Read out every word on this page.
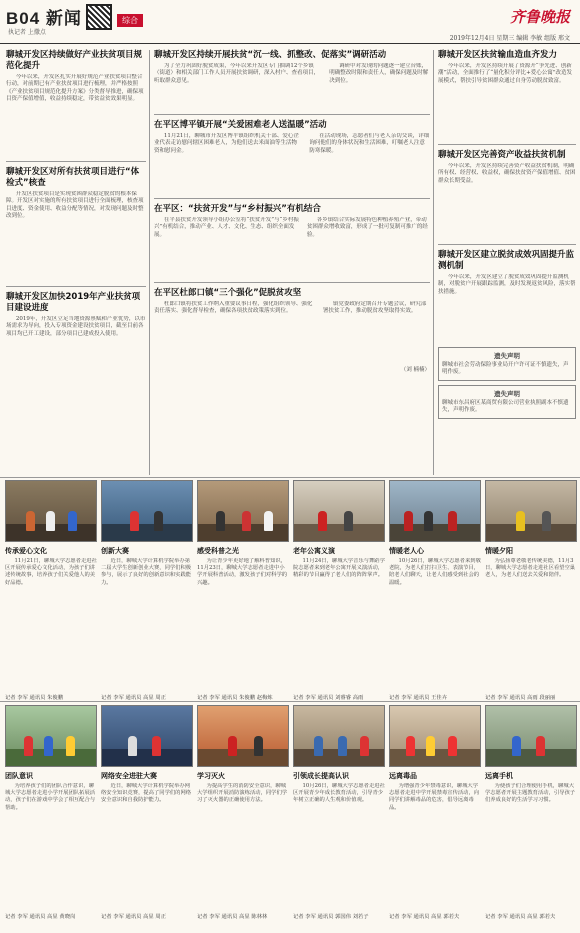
B04 新闻
执记者 上撒点
综合	齐鲁晚报
2019年12月4日 星期三 编辑 李敏 组版 邢文
聊城开发区持续做好产业扶贫项目规范化提升

今年以来，开发区扎实开展好规范产业扶贫项目整合行动，对前期已有产业扶贫项目进行梳理，并严格按照《产业扶贫项目规范化提升方案》分类督导推进，确保项目资产保值增值，收益持续稳定，带贫益贫效果明显。

聊城开发区对所有扶贫项目进行“体检式”核查

开发区扶贫项目是实现贫困群众稳定脱贫的根本保障。开发区对实施的所有扶贫项目进行全面梳理，核查项目进度、资金使用、收益分配等情况，对发现问题及时整改到位。

聊城开发区加快2019年产业扶贫项目建设进度

2019年，开发区立足当地资源禀赋和产业优势，以市场需求为导向，投入专项资金建设扶贫项目，截至目前各项目均已开工建设，部分项目已建成投入使用。

聊城开发区持续开展扶贫“沉一线、抓整改、促落实”调研活动

为了全力巩固好脱贫成果，今年以来开发区专门抽调12个乡镇（街道）和相关部门工作人员开展扶贫调研，深入村户、查看项目，听取群众意见。

调研中对发现的问题逐一建立台账，明确整改时限和责任人，确保问题及时解决到位。

在平区博平镇开展“关爱困难老人送温暖”活动

11月21日，聊城市开发区博平镇组织机关干部、爱心企业代表走访慰问辖区困难老人，为他们送去米面油等生活物资和慰问金。

在活动现场，志愿者们与老人亲切交谈，详细询问他们的身体状况和生活困难，叮嘱老人注意防寒保暖。

在平区：“扶贫开发”与“乡村振兴”有机结合

在平县扶贫开发领导小组办公室将“扶贫开发”与“乡村振兴”有机结合，推动产业、人才、文化、生态、组织全面发展。

各乡镇结合实际发展特色种植养殖产业，带动贫困群众增收致富，形成了一批可复制可推广的经验。

在平区杜郎口镇“三个强化”促脱贫攻坚

杜郎口镇将扶贫工作纳入重要议事日程，强化组织领导、强化责任落实、强化督导检查，确保各项扶贫政策落实到位。

镇党委政府定期召开专题会议，研究部署扶贫工作，推动脱贫攻坚取得实效。

（刘 楠楠）
聊城开发区扶贫输血造血齐发力

今年以来，开发区持续开展了资源开“争先进、创新潮”活动，全面推行了“量化积分评比+爱心公寓”改造发展模式，帮扶引导贫困群众通过自身劳动脱贫致富。

聊城开发区完善资产收益扶贫机制

今年以来，开发区持续完善资产收益扶贫机制，明确所有权、经营权、收益权，确保扶贫资产保值增值、贫困群众长期受益。

聊城开发区建立脱贫成效巩固提升监测机制

今年以来，开发区建立了脱贫成效巩固提升监测机制，对脱贫户开展跟踪监测，及时发现返贫风险，落实帮扶措施。

遗失声明

聊城市社会劳动保险事业局开户许可证不慎遗失，声明作废。

遗失声明

聊城市东昌府区某商贸有限公司营业执照副本不慎遗失，声明作废。

传承爱心文化

11月21日，聊城大学志愿者走进社区开展传承爱心文化活动，为孩子们讲述传统故事，培养孩子们关爱他人的美好品德。

记者 李军 通讯员 朱俊鹏
创新大赛

近日，聊城大学计算机学院举办第二届大学生创新创业大赛，同学们积极参与，展示了良好的创新意识和实践能力。

记者 李军 通讯员 高显 周正
感受科普之光

为让青少年更好地了解科普知识，11月23日，聊城大学志愿者走进中小学开展科普活动，激发孩子们对科学的兴趣。

记者 李军 通讯员 朱俊鹏 赵梅炼
老年公寓义演

11月24日，聊城大学音乐与舞蹈学院志愿者来到老年公寓开展义演活动，精彩的节目赢得了老人们的阵阵掌声。

记者 李军 通讯员 刘睿睿 高雨
情暖老人心

10月26日，聊城大学志愿者来到敬老院，为老人们打扫卫生、表演节目，陪老人们聊天，让老人们感受到社会的温暖。

记者 李军 通讯员 王佳卉
情暖夕阳

为弘扬尊老敬老传统美德，11月3日，聊城大学志愿者走进社区看望空巢老人，为老人们送去关爱和陪伴。

记者 李军 通讯员 高雨 段丽丽
团队意识

为培养孩子们的团队合作意识，聊城大学志愿者走进小学开展团队拓展活动，孩子们在游戏中学会了相互配合与帮助。

记者 李军 通讯员 高显 黄晓岗
网络安全进驻大赛

近日，聊城大学计算机学院举办网络安全知识竞赛，提高了同学们的网络安全意识和自我防护能力。

记者 李军 通讯员 高显 周正
学习灭火

为提高学生的消防安全意识，聊城大学组织开展消防演练活动，同学们学习了灭火器的正确使用方法。

记者 李军 通讯员 高显 陈林林
引领成长提高认识

10月26日，聊城大学志愿者走进社区开展青少年成长教育活动，引导青少年树立正确的人生观和价值观。

记者 李军 通讯员 郭国伟 刘若子
远离毒品

为增强青少年禁毒意识，聊城大学志愿者走进中学开展禁毒宣传活动，向同学们讲解毒品的危害，倡导远离毒品。

记者 李军 通讯员 高显 郭若夫
远离手机

为使孩子们合理使用手机，聊城大学志愿者开展主题教育活动，引导孩子们养成良好的生活学习习惯。

记者 李军 通讯员 高显 郭若夫
